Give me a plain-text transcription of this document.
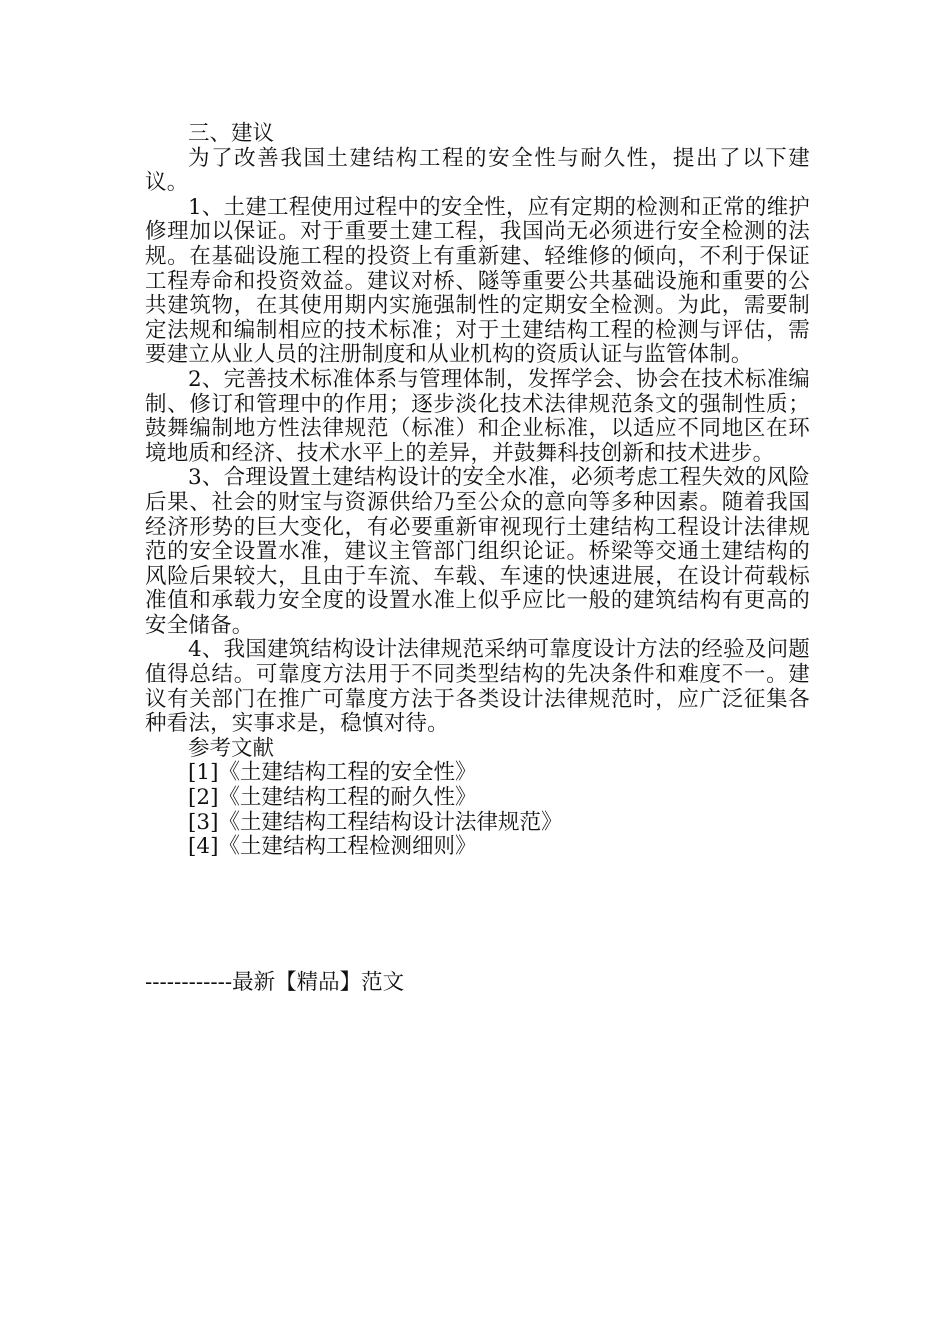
三、建议

为了改善我国土建结构工程的安全性与耐久性，提出了以下建议。

1、土建工程使用过程中的安全性，应有定期的检测和正常的维护修理加以保证。对于重要土建工程，我国尚无必须进行安全检测的法规。在基础设施工程的投资上有重新建、轻维修的倾向，不利于保证工程寿命和投资效益。建议对桥、隧等重要公共基础设施和重要的公共建筑物，在其使用期内实施强制性的定期安全检测。为此，需要制定法规和编制相应的技术标准；对于土建结构工程的检测与评估，需要建立从业人员的注册制度和从业机构的资质认证与监管体制。

2、完善技术标准体系与管理体制，发挥学会、协会在技术标准编制、修订和管理中的作用；逐步淡化技术法律规范条文的强制性质；鼓舞编制地方性法律规范（标准）和企业标准，以适应不同地区在环境地质和经济、技术水平上的差异，并鼓舞科技创新和技术进步。

3、合理设置土建结构设计的安全水准，必须考虑工程失效的风险后果、社会的财宝与资源供给乃至公众的意向等多种因素。随着我国经济形势的巨大变化，有必要重新审视现行土建结构工程设计法律规范的安全设置水准，建议主管部门组织论证。桥梁等交通土建结构的风险后果较大，且由于车流、车载、车速的快速进展，在设计荷载标准值和承载力安全度的设置水准上似乎应比一般的建筑结构有更高的安全储备。

4、我国建筑结构设计法律规范采纳可靠度设计方法的经验及问题值得总结。可靠度方法用于不同类型结构的先决条件和难度不一。建议有关部门在推广可靠度方法于各类设计法律规范时，应广泛征集各种看法，实事求是，稳慎对待。

参考文献

[1]《土建结构工程的安全性》

[2]《土建结构工程的耐久性》

[3]《土建结构工程结构设计法律规范》

[4]《土建结构工程检测细则》

------------最新【精品】范文
